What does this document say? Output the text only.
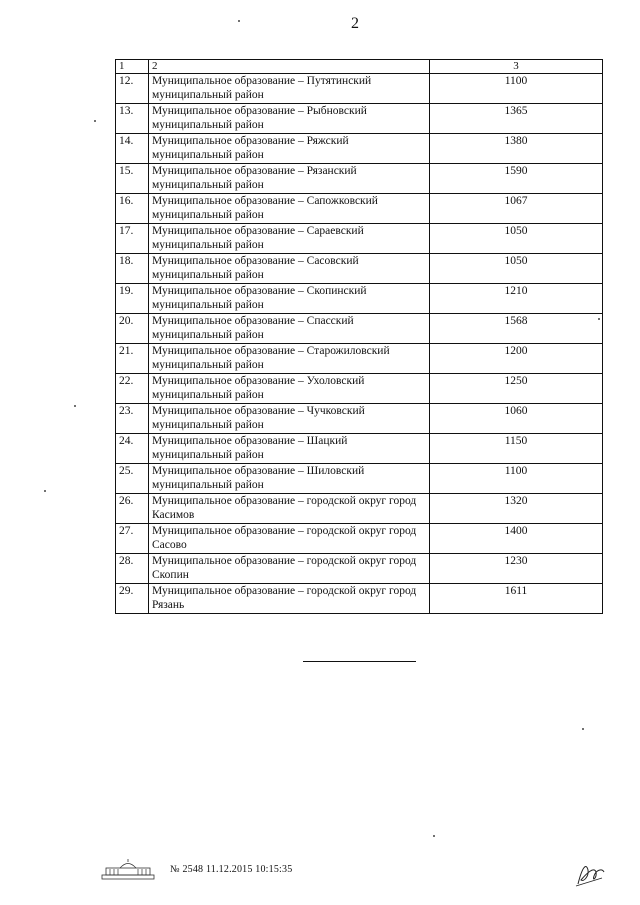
2
1	2	3
12.	Муниципальное образование – Путятинский муниципальный район	1100
13.	Муниципальное образование – Рыбновский муниципальный район	1365
14.	Муниципальное образование – Ряжский муниципальный район	1380
15.	Муниципальное образование – Рязанский муниципальный район	1590
16.	Муниципальное образование – Сапожковский муниципальный район	1067
17.	Муниципальное образование – Сараевский муниципальный район	1050
18.	Муниципальное образование – Сасовский муниципальный район	1050
19.	Муниципальное образование – Скопинский муниципальный район	1210
20.	Муниципальное образование – Спасский муниципальный район	1568
21.	Муниципальное образование – Старожиловский муниципальный район	1200
22.	Муниципальное образование – Ухоловский муниципальный район	1250
23.	Муниципальное образование – Чучковский муниципальный район	1060
24.	Муниципальное образование – Шацкий муниципальный район	1150
25.	Муниципальное образование – Шиловский муниципальный район	1100
26.	Муниципальное образование – городской округ город Касимов	1320
27.	Муниципальное образование – городской округ город Сасово	1400
28.	Муниципальное образование – городской округ город Скопин	1230
29.	Муниципальное образование – городской округ город Рязань	1611
№ 2548 11.12.2015 10:15:35
